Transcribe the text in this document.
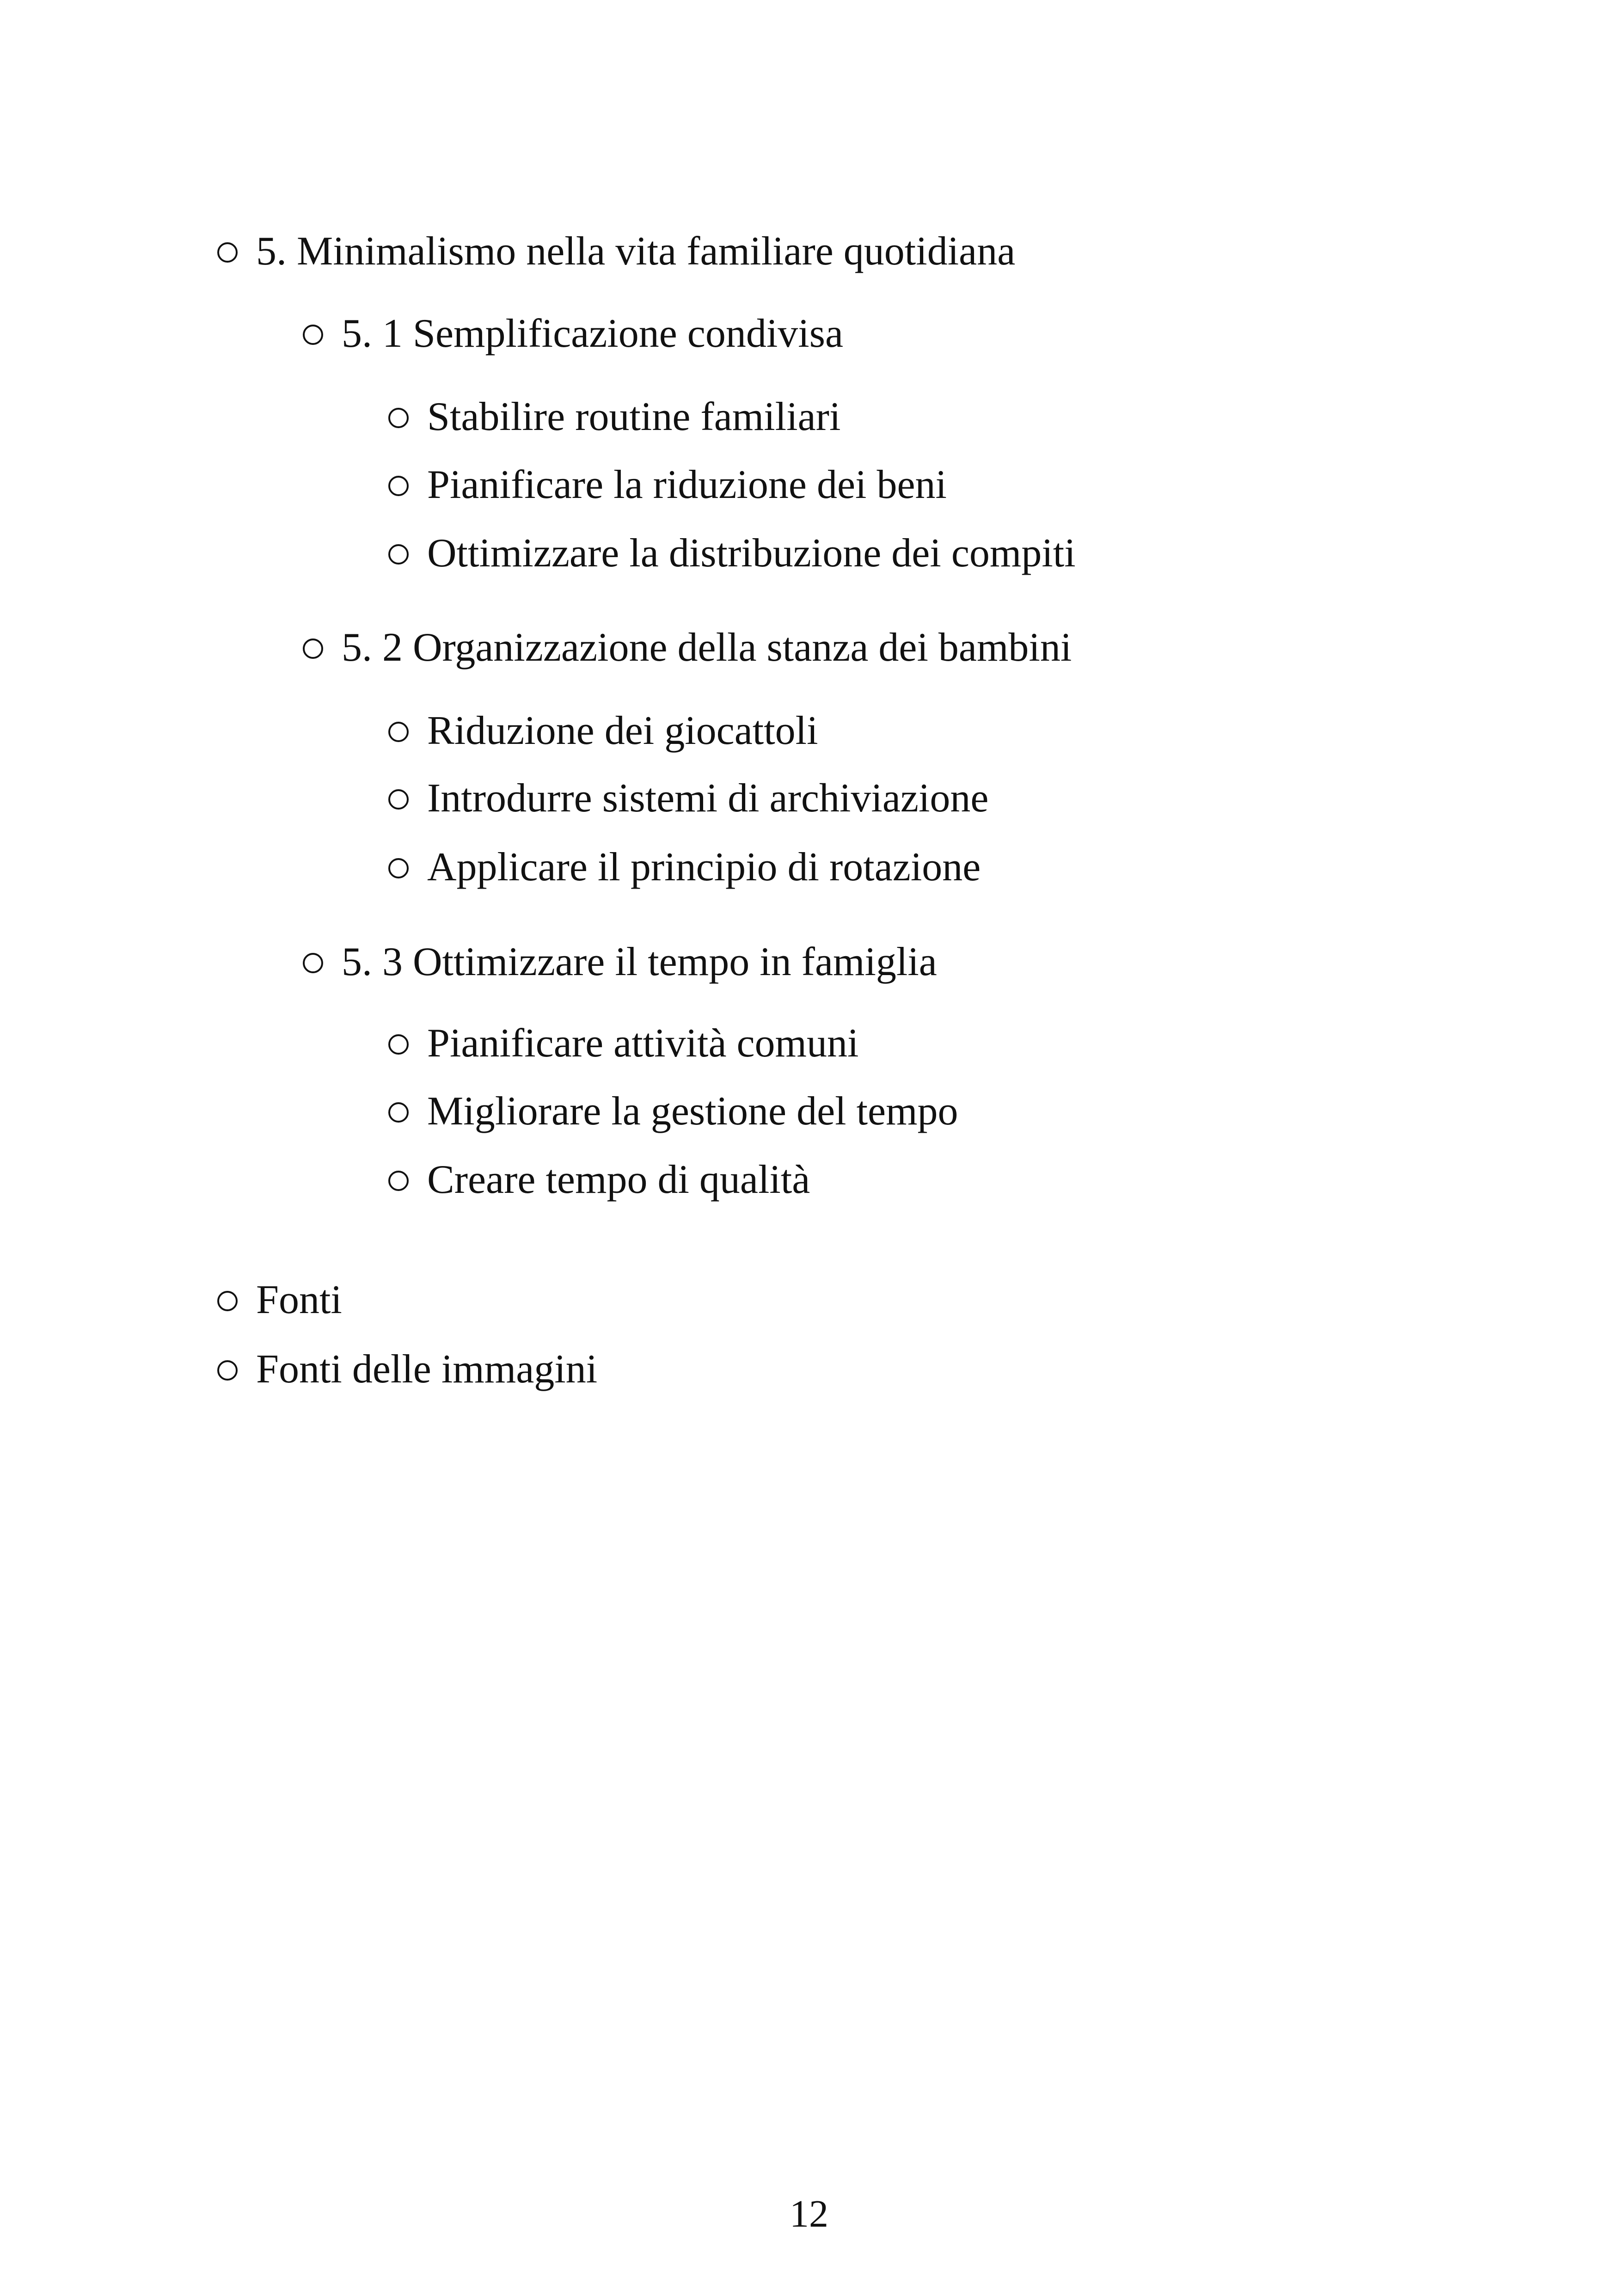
5. Minimalismo nella vita familiare quotidiana
5. 1 Semplificazione condivisa
Stabilire routine familiari
Pianificare la riduzione dei beni
Ottimizzare la distribuzione dei compiti
5. 2 Organizzazione della stanza dei bambini
Riduzione dei giocattoli
Introdurre sistemi di archiviazione
Applicare il principio di rotazione
5. 3 Ottimizzare il tempo in famiglia
Pianificare attività comuni
Migliorare la gestione del tempo
Creare tempo di qualità
Fonti
Fonti delle immagini
12
